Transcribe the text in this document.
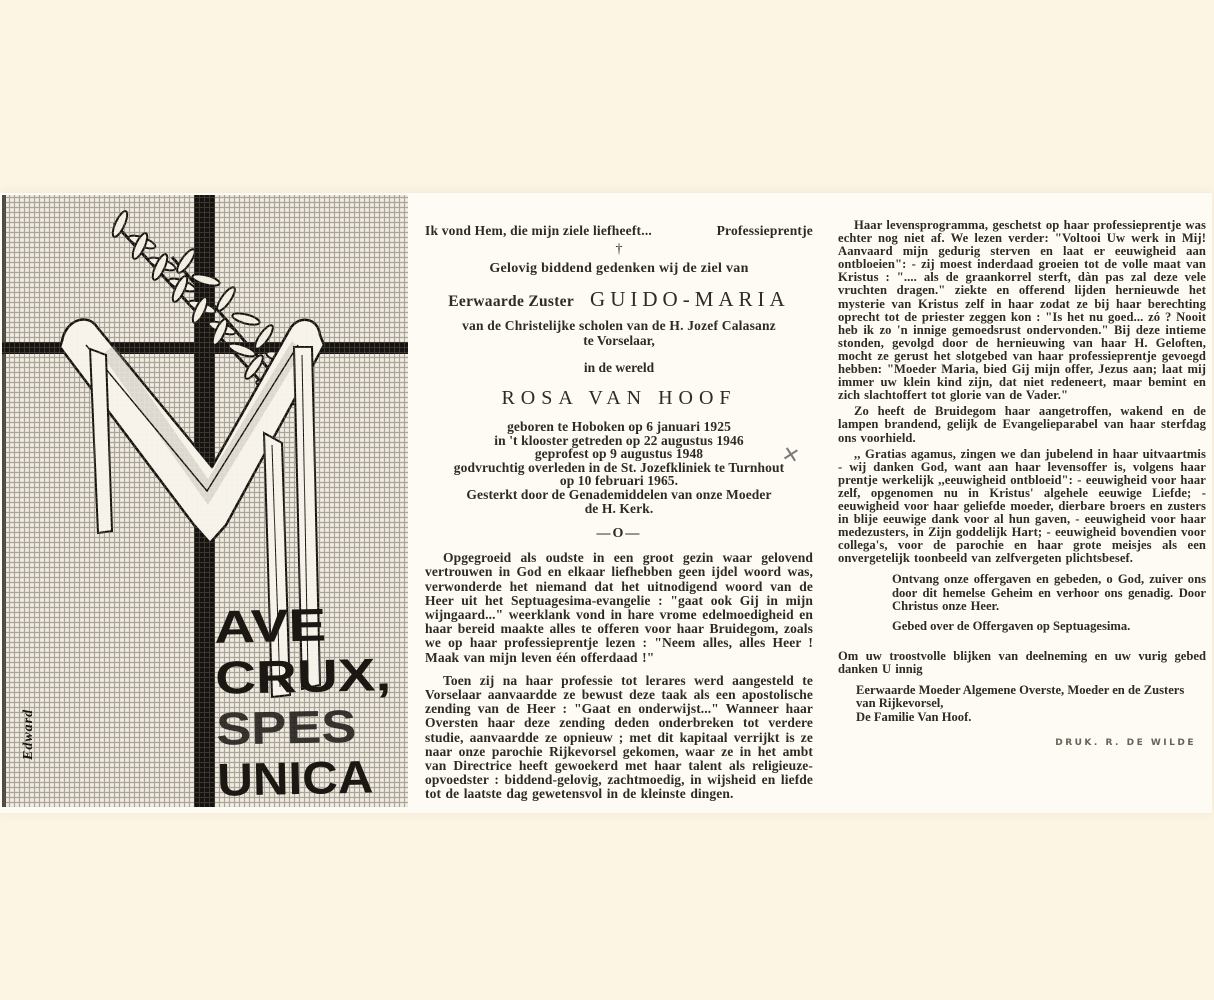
AVE
CRUX,
SPES
UNICA
Edward
Ik vond Hem, die mijn ziele liefheeft...	Professieprentje
†
Gelovig biddend gedenken wij de ziel van
Eerwaarde Zuster GUIDO-MARIA
van de Christelijke scholen van de H. Jozef Calasanz
te Vorselaar,
in de wereld
ROSA VAN HOOF
geboren te Hoboken op 6 januari 1925
in 't klooster getreden op 22 augustus 1946
geprofest op 9 augustus 1948
godvruchtig overleden in de St. Jozefkliniek te Turnhout
op 10 februari 1965.
Gesterkt door de Genademiddelen van onze Moeder
de H. Kerk.
—O—

Opgegroeid als oudste in een groot gezin waar gelovend vertrouwen in God en elkaar liefhebben geen ijdel woord was, verwonderde het niemand dat het uitnodigend woord van de Heer uit het Septuagesima-evangelie : "gaat ook Gij in mijn wijngaard..." weerklank vond in hare vrome edelmoedigheid en haar bereid maakte alles te offeren voor haar Bruidegom, zoals we op haar professieprentje lezen : "Neem alles, alles Heer ! Maak van mijn leven één offerdaad !"

Toen zij na haar professie tot lerares werd aangesteld te Vorselaar aanvaardde ze bewust deze taak als een apostolische zending van de Heer : "Gaat en onderwijst..." Wanneer haar Oversten haar deze zending deden onderbreken tot verdere studie, aanvaardde ze opnieuw ; met dit kapitaal verrijkt is ze naar onze parochie Rijkevorsel gekomen, waar ze in het ambt van Directrice heeft gewoekerd met haar talent als religieuze-opvoedster : biddend-gelovig, zachtmoedig, in wijsheid en liefde tot de laatste dag gewetensvol in de kleinste dingen.

Haar levensprogramma, geschetst op haar professieprentje was echter nog niet af. We lezen verder: "Voltooi Uw werk in Mij! Aanvaard mijn gedurig sterven en laat er eeuwigheid aan ontbloeien": - zij moest inderdaad groeien tot de volle maat van Kristus : ".... als de graankorrel sterft, dàn pas zal deze vele vruchten dragen." ziekte en offerend lijden hernieuwde het mysterie van Kristus zelf in haar zodat ze bij haar berechting oprecht tot de priester zeggen kon : "Is het nu goed... zó ? Nooit heb ik zo 'n innige gemoedsrust ondervonden." Bij deze intieme stonden, gevolgd door de hernieuwing van haar H. Geloften, mocht ze gerust het slotgebed van haar professieprentje gevoegd hebben: "Moeder Maria, bied Gij mijn offer, Jezus aan; laat mij immer uw klein kind zijn, dat niet redeneert, maar bemint en zich slachtoffert tot glorie van de Vader."

Zo heeft de Bruidegom haar aangetroffen, wakend en de lampen brandend, gelijk de Evangelieparabel van haar sterfdag ons voorhield.

,, Gratias agamus, zingen we dan jubelend in haar uitvaartmis - wij danken God, want aan haar levensoffer is, volgens haar prentje werkelijk ,,eeuwigheid ontbloeid": - eeuwigheid voor haar zelf, opgenomen nu in Kristus' algehele eeuwige Liefde; - eeuwigheid voor haar geliefde moeder, dierbare broers en zusters in blije eeuwige dank voor al hun gaven, - eeuwigheid voor haar medezusters, in Zijn goddelijk Hart; - eeuwigheid bovendien voor collega's, voor de parochie en haar grote meisjes als een onvergetelijk toonbeeld van zelfvergeten plichtsbesef.

Ontvang onze offergaven en gebeden, o God, zuiver ons door dit hemelse Geheim en verhoor ons genadig. Door Christus onze Heer.
Gebed over de Offergaven op Septuagesima.
Om uw troostvolle blijken van deelneming en uw vurig gebed danken U innig
Eerwaarde Moeder Algemene Overste, Moeder en de Zusters van Rijkevorsel,
De Familie Van Hoof.
DRUK. R. DE WILDE
✕
